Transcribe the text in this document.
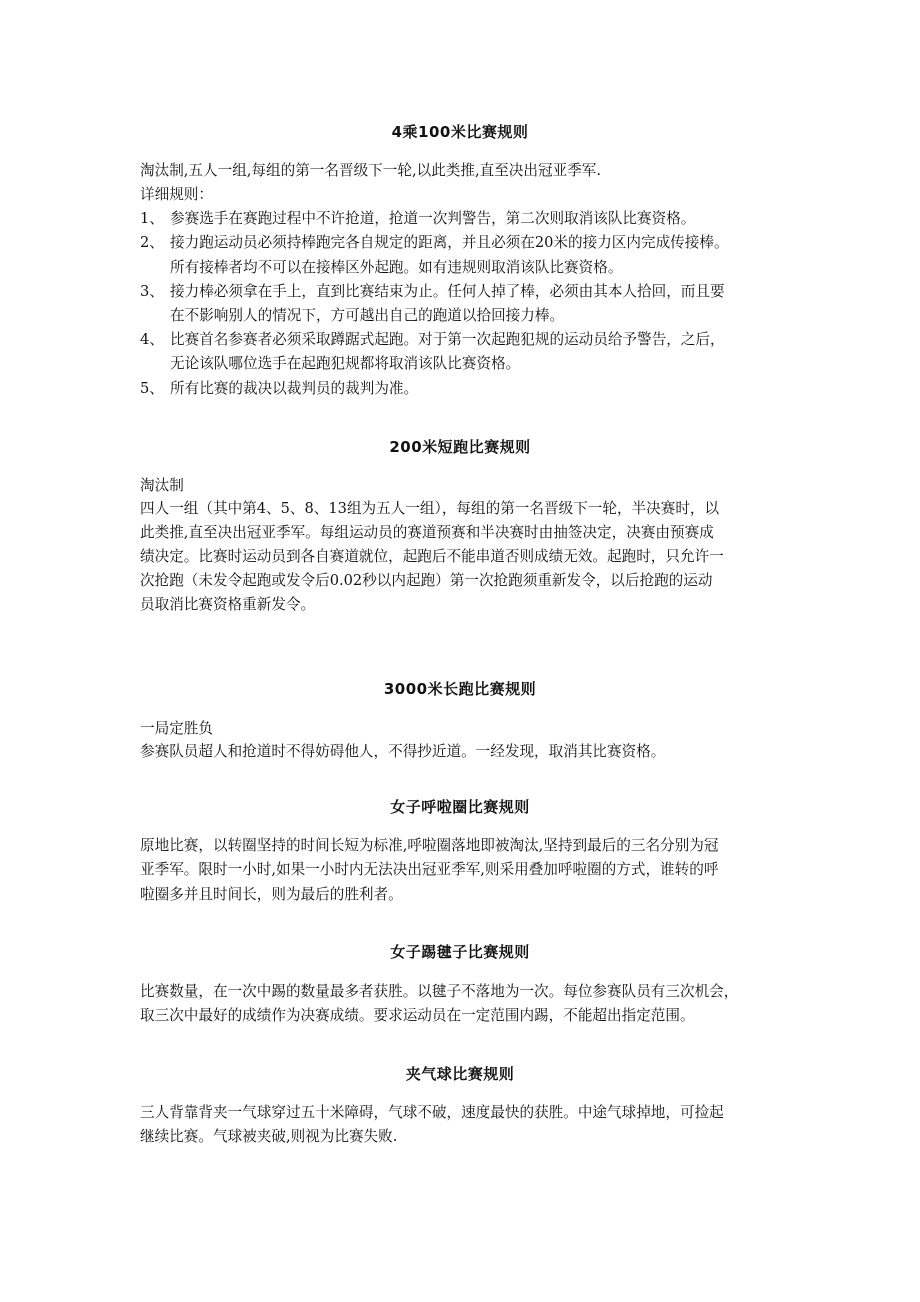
4乘100米比赛规则
淘汰制,五人一组,每组的第一名晋级下一轮,以此类推,直至决出冠亚季军.
详细规则：
1、 参赛选手在赛跑过程中不许抢道，抢道一次判警告，第二次则取消该队比赛资格。
2、 接力跑运动员必须持棒跑完各自规定的距离，并且必须在20米的接力区内完成传接棒。
所有接棒者均不可以在接棒区外起跑。如有违规则取消该队比赛资格。
3、 接力棒必须拿在手上，直到比赛结束为止。任何人掉了棒，必须由其本人拾回，而且要
在不影响别人的情况下，方可越出自己的跑道以拾回接力棒。
4、 比赛首名参赛者必须采取蹲踞式起跑。对于第一次起跑犯规的运动员给予警告，之后，
无论该队哪位选手在起跑犯规都将取消该队比赛资格。
5、 所有比赛的裁决以裁判员的裁判为准。
200米短跑比赛规则
淘汰制
四人一组（其中第4、5、8、13组为五人一组），每组的第一名晋级下一轮，半决赛时，以
此类推,直至决出冠亚季军。每组运动员的赛道预赛和半决赛时由抽签决定，决赛由预赛成
绩决定。比赛时运动员到各自赛道就位，起跑后不能串道否则成绩无效。起跑时，只允许一
次抢跑（未发令起跑或发令后0.02秒以内起跑）第一次抢跑须重新发令，以后抢跑的运动
员取消比赛资格重新发令。
3000米长跑比赛规则
一局定胜负
参赛队员超人和抢道时不得妨碍他人，不得抄近道。一经发现，取消其比赛资格。
女子呼啦圈比赛规则
原地比赛，以转圈坚持的时间长短为标准,呼啦圈落地即被淘汰,坚持到最后的三名分别为冠
亚季军。限时一小时,如果一小时内无法决出冠亚季军,则采用叠加呼啦圈的方式，谁转的呼
啦圈多并且时间长，则为最后的胜利者。
女子踢毽子比赛规则
比赛数量，在一次中踢的数量最多者获胜。以毽子不落地为一次。每位参赛队员有三次机会，
取三次中最好的成绩作为决赛成绩。要求运动员在一定范围内踢，不能超出指定范围。
夹气球比赛规则
三人背靠背夹一气球穿过五十米障碍，气球不破，速度最快的获胜。中途气球掉地，可捡起
继续比赛。气球被夹破,则视为比赛失败.
